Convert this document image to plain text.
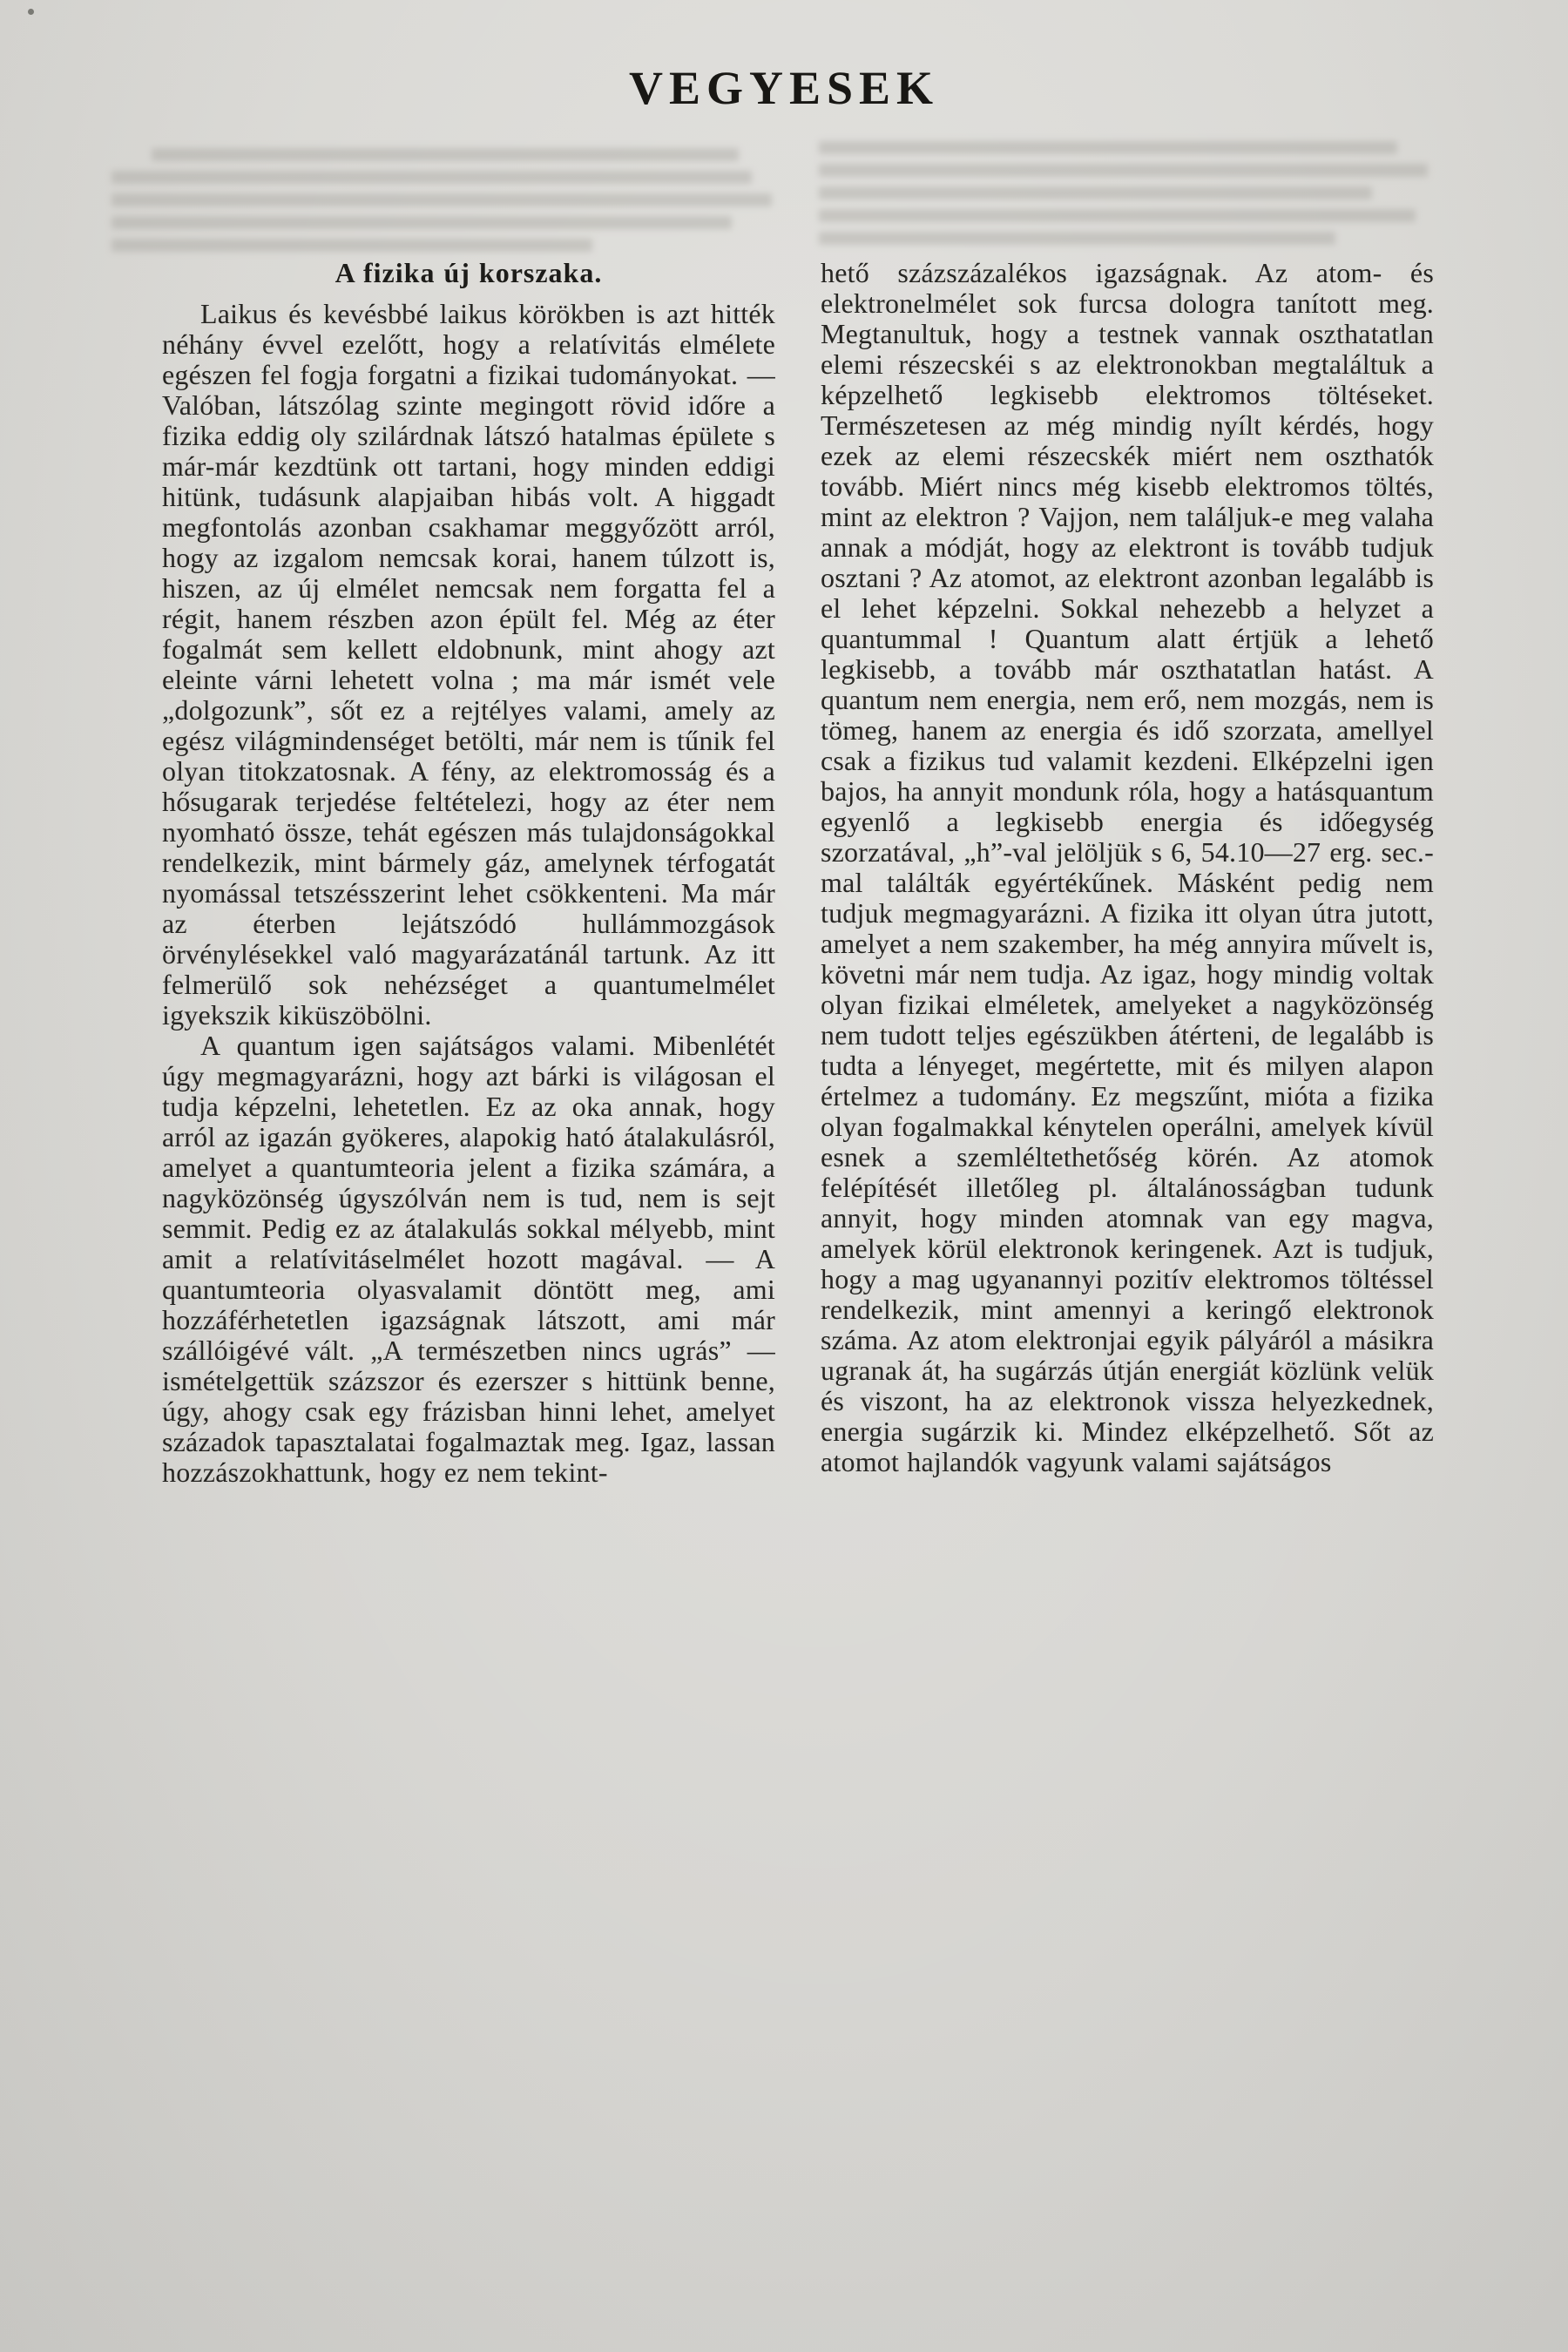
VEGYESEK

A fizika új korszaka.

Laikus és kevésbbé laikus körökben is azt hitték néhány évvel ezelőtt, hogy a relatívitás elmélete egészen fel fogja forgatni a fizikai tudományokat. — Valóban, látszólag szinte megingott rövid időre a fizika eddig oly szilárdnak látszó hatalmas épülete s már-már kezdtünk ott tartani, hogy minden eddigi hitünk, tudásunk alapjaiban hibás volt. A higgadt megfontolás azonban csakhamar meggyőzött arról, hogy az izgalom nemcsak korai, hanem túlzott is, hiszen, az új elmélet nemcsak nem forgatta fel a régit, hanem részben azon épült fel. Még az éter fogalmát sem kellett eldobnunk, mint ahogy azt eleinte várni lehetett volna ; ma már ismét vele „dolgozunk”, sőt ez a rejtélyes valami, amely az egész világmindenséget betölti, már nem is tűnik fel olyan titokzatosnak. A fény, az elektromosság és a hősugarak terjedése feltételezi, hogy az éter nem nyomható össze, tehát egészen más tulajdonságokkal rendelkezik, mint bármely gáz, amelynek térfogatát nyomással tetszésszerint lehet csökkenteni. Ma már az éterben lejátszódó hullámmozgások örvénylésekkel való magyarázatánál tartunk. Az itt felmerülő sok nehézséget a quantumelmélet igyekszik kiküszöbölni.

A quantum igen sajátságos valami. Mibenlétét úgy megmagyarázni, hogy azt bárki is világosan el tudja képzelni, lehetetlen. Ez az oka annak, hogy arról az igazán gyökeres, alapokig ható átalakulásról, amelyet a quantumteoria jelent a fizika számára, a nagyközönség úgyszólván nem is tud, nem is sejt semmit. Pedig ez az átalakulás sokkal mélyebb, mint amit a relatívitáselmélet hozott magával. — A quantumteoria olyasvalamit döntött meg, ami hozzáférhetetlen igazságnak látszott, ami már szállóigévé vált. „A természetben nincs ugrás” — ismételgettük százszor és ezerszer s hittünk benne, úgy, ahogy csak egy frázisban hinni lehet, amelyet századok tapasztalatai fogalmaztak meg. Igaz, lassan hozzászokhattunk, hogy ez nem tekint-

hető százszázalékos igazságnak. Az atom- és elektronelmélet sok furcsa dologra tanított meg. Megtanultuk, hogy a testnek vannak oszthatatlan elemi részecskéi s az elektronokban megtaláltuk a képzelhető legkisebb elektromos töltéseket. Természetesen az még mindig nyílt kérdés, hogy ezek az elemi részecskék miért nem oszthatók tovább. Miért nincs még kisebb elektromos töltés, mint az elektron ? Vajjon, nem találjuk-e meg valaha annak a módját, hogy az elektront is tovább tudjuk osztani ? Az atomot, az elektront azonban legalább is el lehet képzelni. Sokkal nehezebb a helyzet a quantummal ! Quantum alatt értjük a lehető legkisebb, a tovább már oszthatatlan hatást. A quantum nem energia, nem erő, nem mozgás, nem is tömeg, hanem az energia és idő szorzata, amellyel csak a fizikus tud valamit kezdeni. Elképzelni igen bajos, ha annyit mondunk róla, hogy a hatásquantum egyenlő a legkisebb energia és időegység szorzatával, „h”-val jelöljük s 6, 54.10—27 erg. sec.-mal találták egyértékűnek. Másként pedig nem tudjuk megmagyarázni. A fizika itt olyan útra jutott, amelyet a nem szakember, ha még annyira művelt is, követni már nem tudja. Az igaz, hogy mindig voltak olyan fizikai elméletek, amelyeket a nagyközönség nem tudott teljes egészükben átérteni, de legalább is tudta a lényeget, megértette, mit és milyen alapon értelmez a tudomány. Ez megszűnt, mióta a fizika olyan fogalmakkal kénytelen operálni, amelyek kívül esnek a szemléltethetőség körén. Az atomok felépítését illetőleg pl. általánosságban tudunk annyit, hogy minden atomnak van egy magva, amelyek körül elektronok keringenek. Azt is tudjuk, hogy a mag ugyanannyi pozitív elektromos töltéssel rendelkezik, mint amennyi a keringő elektronok száma. Az atom elektronjai egyik pályáról a másikra ugranak át, ha sugárzás útján energiát közlünk velük és viszont, ha az elektronok vissza helyezkednek, energia sugárzik ki. Mindez elképzelhető. Sőt az atomot hajlandók vagyunk valami sajátságos
